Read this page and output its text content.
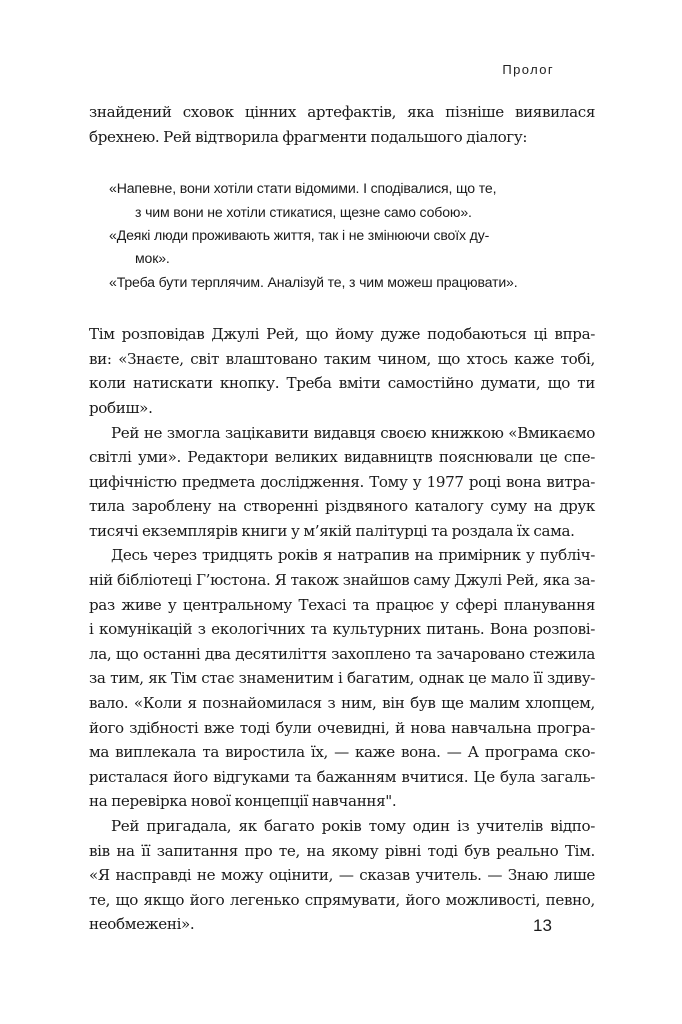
Пролог
знайдений сховок цінних артефактів, яка пізніше виявилася
брехнею. Рей відтворила фрагменти подальшого діалогу:
«Напевне, вони хотіли стати відомими. І сподівалися, що те,
з чим вони не хотіли стикатися, щезне само собою».
«Деякі люди проживають життя, так і не змінюючи своїх ду-
мок».
«Треба бути терплячим. Аналізуй те, з чим можеш працювати».
Тім розповідав Джулі Рей, що йому дуже подобаються ці впра-
ви: «Знаєте, світ влаштовано таким чином, що хтось каже тобі,
коли натискати кнопку. Треба вміти самостійно думати, що ти
робиш».
Рей не змогла зацікавити видавця своєю книжкою «Вмикаємо
світлі уми». Редактори великих видавництв пояснювали це спе-
цифічністю предмета дослідження. Тому у 1977 році вона витра-
тила зароблену на створенні різдвяного каталогу суму на друк
тисячі екземплярів книги у м’якій палітурці та роздала їх сама.
Десь через тридцять років я натрапив на примірник у публіч-
ній бібліотеці Г’юстона. Я також знайшов саму Джулі Рей, яка за-
раз живе у центральному Техасі та працює у сфері планування
і комунікацій з екологічних та культурних питань. Вона розпові-
ла, що останні два десятиліття захоплено та зачаровано стежила
за тим, як Тім стає знаменитим і багатим, однак це мало її здиву-
вало. «Коли я познайомилася з ним, він був ще малим хлопцем,
його здібності вже тоді були очевидні, й нова навчальна програ-
ма виплекала та виростила їх, — каже вона. — А програма ско-
ристалася його відгуками та бажанням вчитися. Це була загаль-
на перевірка нової концепції навчання".
Рей пригадала, як багато років тому один із учителів відпо-
вів на її запитання про те, на якому рівні тоді був реально Тім.
«Я насправді не можу оцінити, — сказав учитель. — Знаю лише
те, що якщо його легенько спрямувати, його можливості, певно,
необмежені».	13
